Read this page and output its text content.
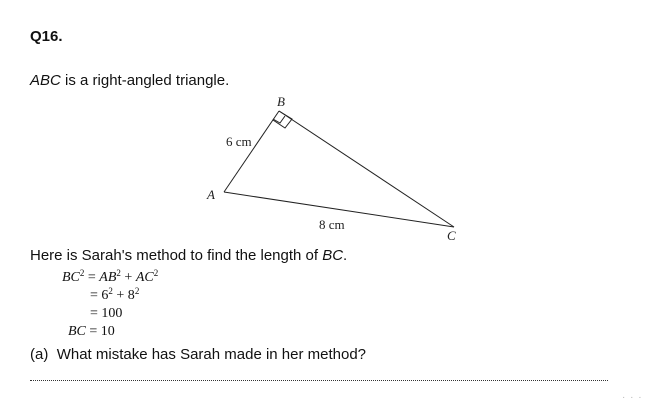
Q16.
ABC is a right-angled triangle.
B
A
C
6 cm
8 cm
Here is Sarah's method to find the length of BC.
$BC^2 = AB^2 + AC^2$
= $6^2 + 8^2$
= 100
BC = 10
(a) What mistake has Sarah made in her method?
· · ·
